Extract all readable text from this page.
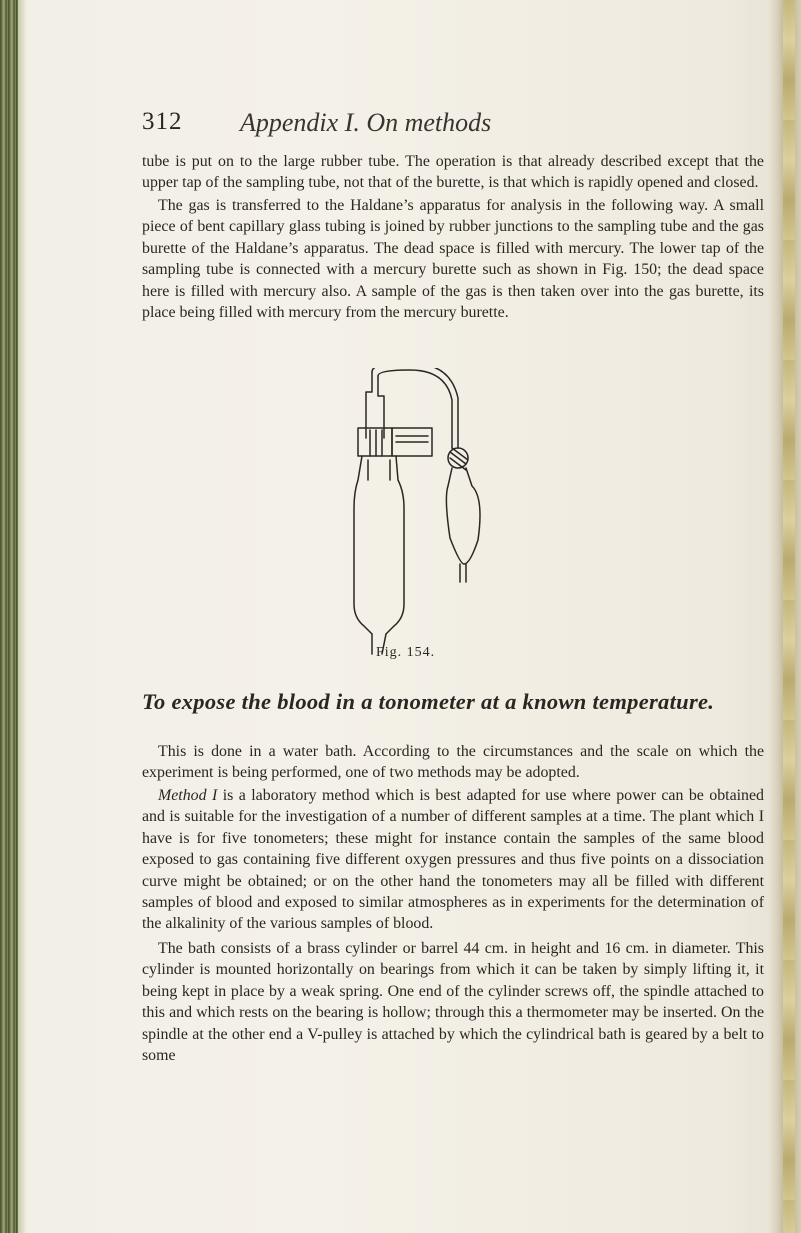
312 Appendix I. On methods

tube is put on to the large rubber tube. The operation is that already described except that the upper tap of the sampling tube, not that of the burette, is that which is rapidly opened and closed.

The gas is transferred to the Haldane’s apparatus for analysis in the following way. A small piece of bent capillary glass tubing is joined by rubber junctions to the sampling tube and the gas burette of the Haldane’s apparatus. The dead space is filled with mercury. The lower tap of the sampling tube is connected with a mercury burette such as shown in Fig. 150; the dead space here is filled with mercury also. A sample of the gas is then taken over into the gas burette, its place being filled with mercury from the mercury burette.

Fig. 154.
To expose the blood in a tonometer at a known temperature.

This is done in a water bath. According to the circumstances and the scale on which the experiment is being performed, one of two methods may be adopted.

Method I is a laboratory method which is best adapted for use where power can be obtained and is suitable for the investigation of a number of different samples at a time. The plant which I have is for five tonometers; these might for instance contain the samples of the same blood exposed to gas containing five different oxygen pressures and thus five points on a dissociation curve might be obtained; or on the other hand the tonometers may all be filled with different samples of blood and exposed to similar atmospheres as in experiments for the determination of the alkalinity of the various samples of blood.

The bath consists of a brass cylinder or barrel 44 cm. in height and 16 cm. in diameter. This cylinder is mounted horizontally on bearings from which it can be taken by simply lifting it, it being kept in place by a weak spring. One end of the cylinder screws off, the spindle attached to this and which rests on the bearing is hollow; through this a thermometer may be inserted. On the spindle at the other end a V-pulley is attached by which the cylindrical bath is geared by a belt to some
